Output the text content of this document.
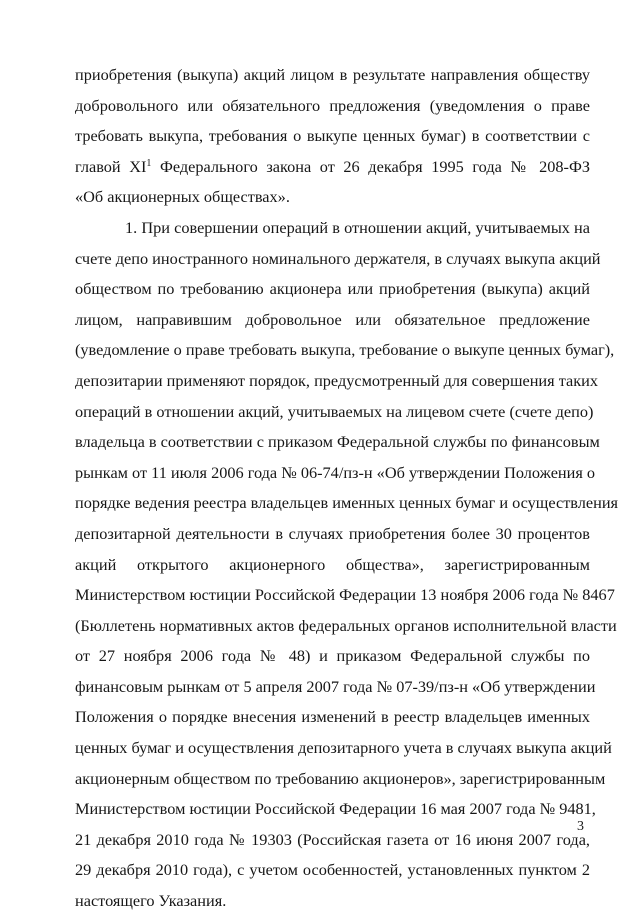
приобретения (выкупа) акций лицом в результате направления обществу
добровольного или обязательного предложения (уведомления о праве
требовать выкупа, требования о выкупе ценных бумаг) в соответствии с
главой $XI^1$ Федерального закона от 26 декабря 1995 года № 208-ФЗ
«Об акционерных обществах».
1. При совершении операций в отношении акций, учитываемых на
счете депо иностранного номинального держателя, в случаях выкупа акций
обществом по требованию акционера или приобретения (выкупа) акций
лицом, направившим добровольное или обязательное предложение
(уведомление о праве требовать выкупа, требование о выкупе ценных бумаг),
депозитарии применяют порядок, предусмотренный для совершения таких
операций в отношении акций, учитываемых на лицевом счете (счете депо)
владельца в соответствии с приказом Федеральной службы по финансовым
рынкам от 11 июля 2006 года № 06-74/пз-н «Об утверждении Положения о
порядке ведения реестра владельцев именных ценных бумаг и осуществления
депозитарной деятельности в случаях приобретения более 30 процентов
акций открытого акционерного общества», зарегистрированным
Министерством юстиции Российской Федерации 13 ноября 2006 года № 8467
(Бюллетень нормативных актов федеральных органов исполнительной власти
от 27 ноября 2006 года № 48) и приказом Федеральной службы по
финансовым рынкам от 5 апреля 2007 года № 07-39/пз-н «Об утверждении
Положения о порядке внесения изменений в реестр владельцев именных
ценных бумаг и осуществления депозитарного учета в случаях выкупа акций
акционерным обществом по требованию акционеров», зарегистрированным
Министерством юстиции Российской Федерации 16 мая 2007 года № 9481,
21 декабря 2010 года № 19303 (Российская газета от 16 июня 2007 года,
29 декабря 2010 года), с учетом особенностей, установленных пунктом 2
настоящего Указания.
3
